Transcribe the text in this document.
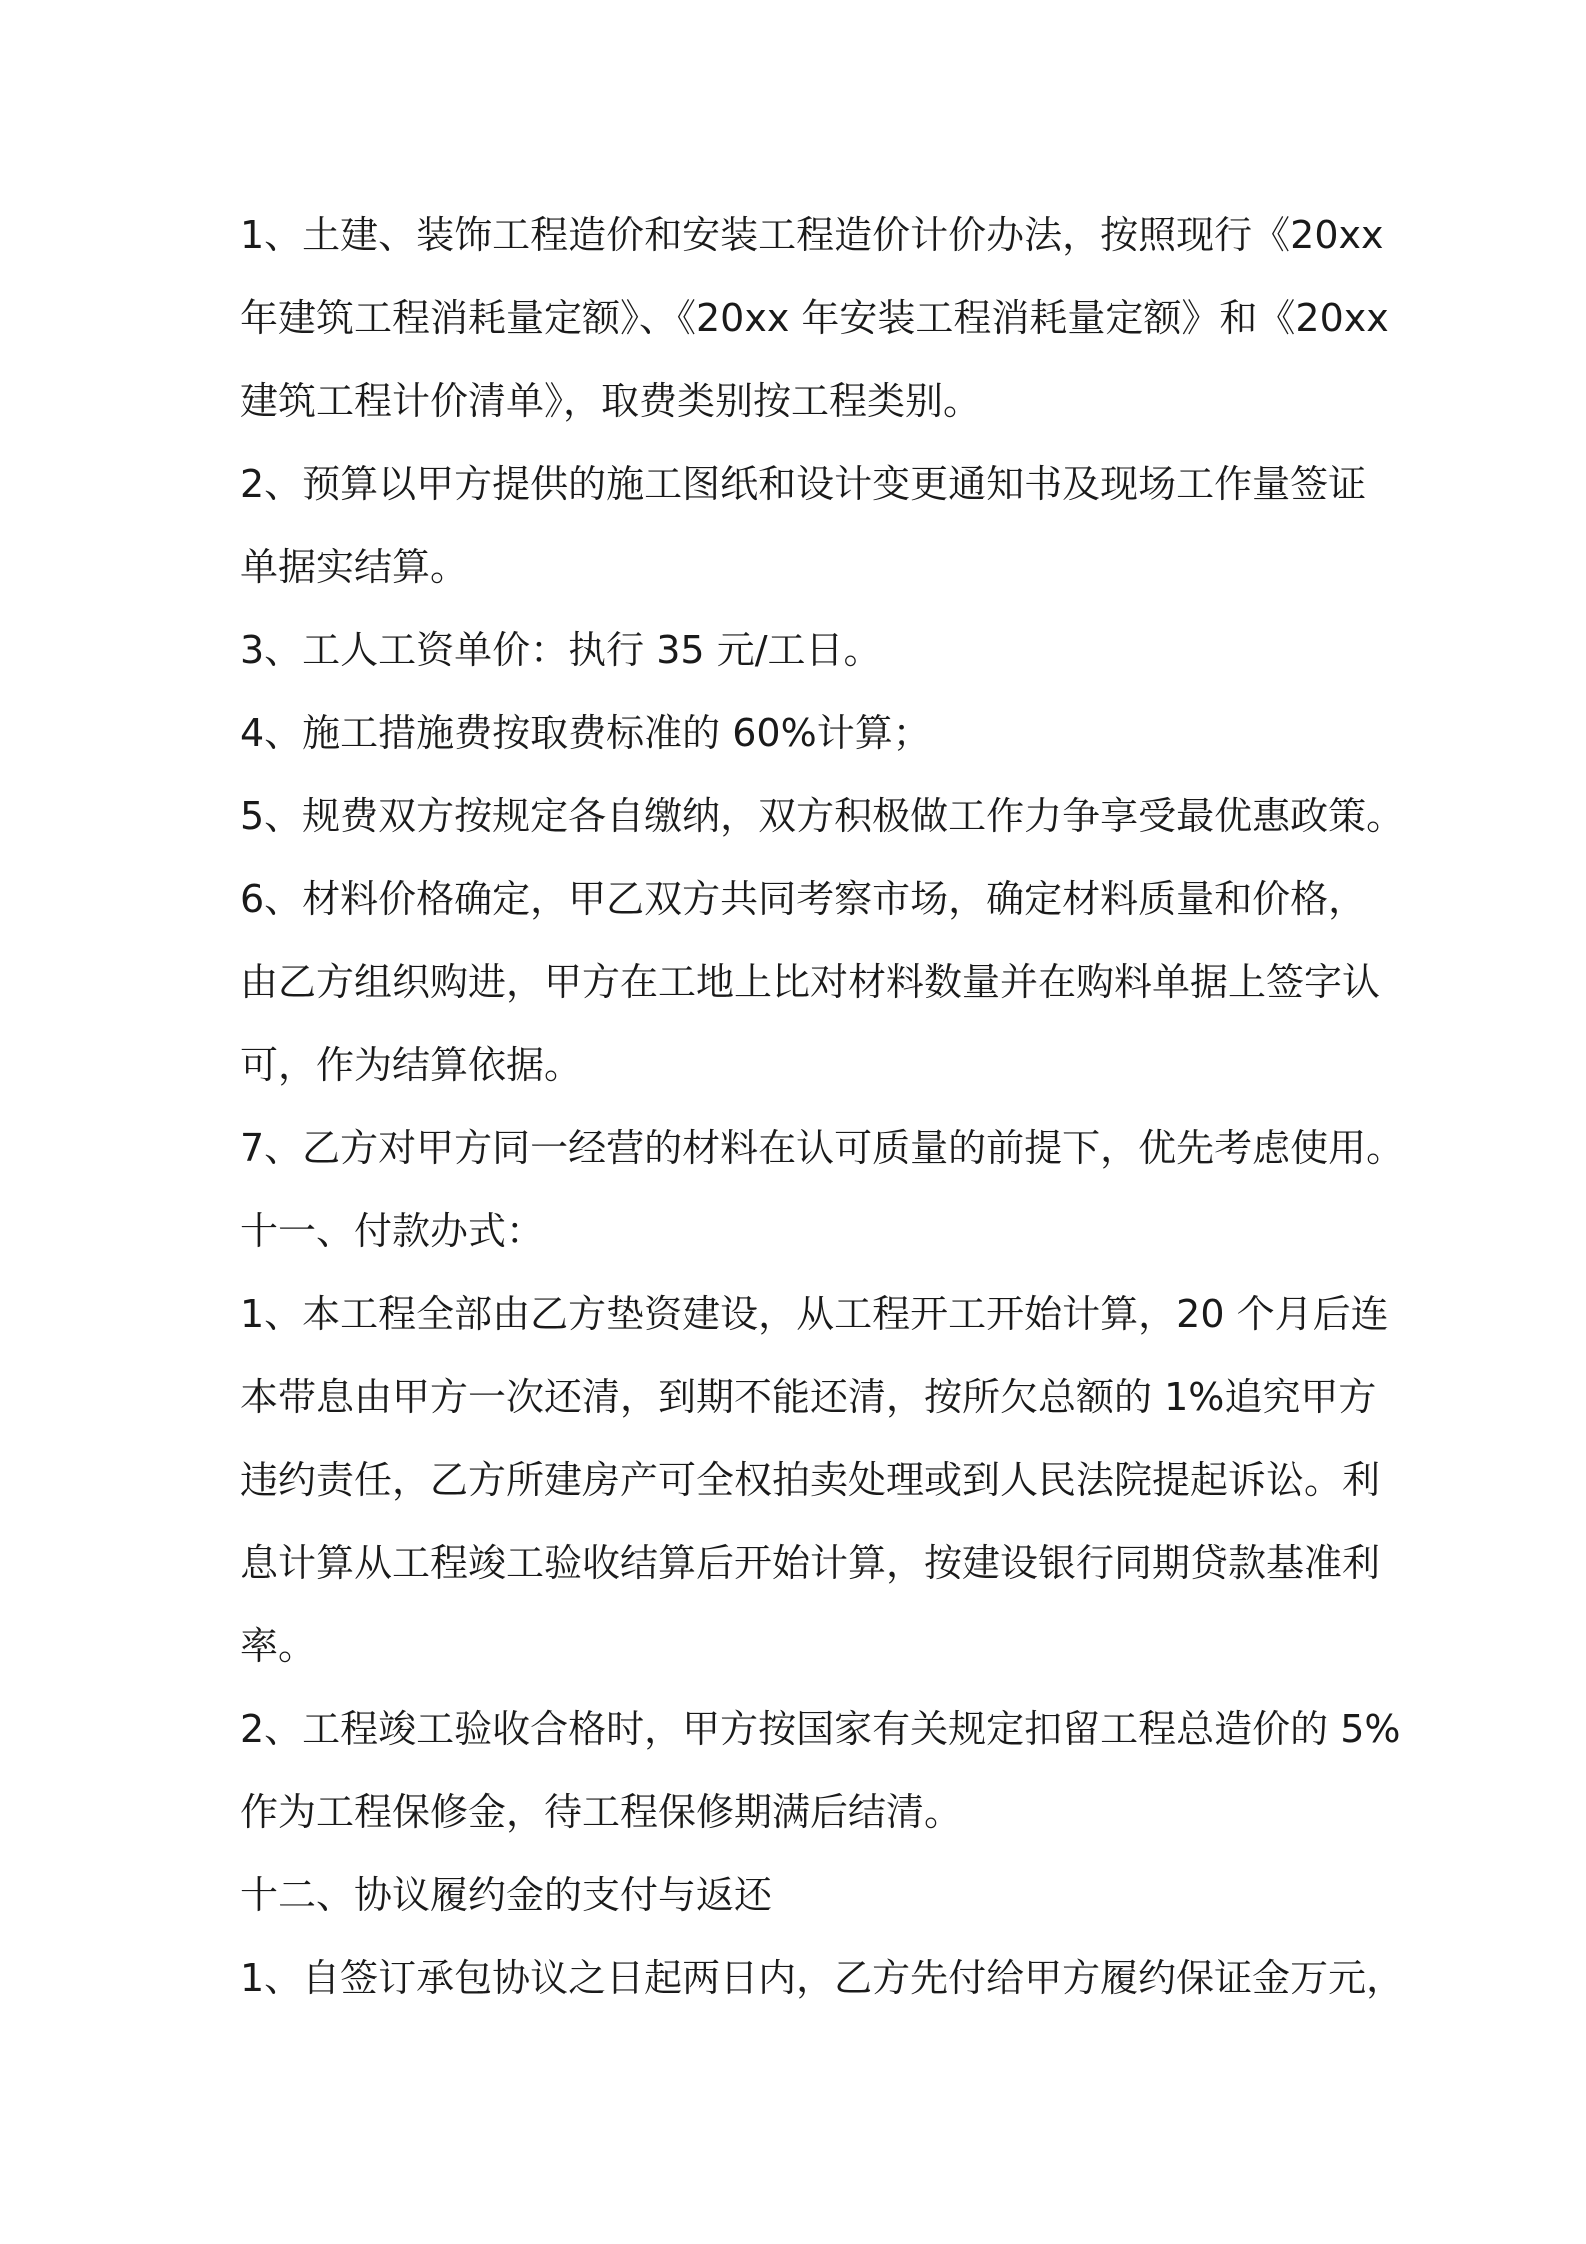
1、土建、装饰工程造价和安装工程造价计价办法，按照现行《20xx
年建筑工程消耗量定额》、《20xx 年安装工程消耗量定额》和《20xx
建筑工程计价清单》，取费类别按工程类别。

2、预算以甲方提供的施工图纸和设计变更通知书及现场工作量签证
单据实结算。

3、工人工资单价：执行 35 元/工日。

4、施工措施费按取费标准的 60%计算；

5、规费双方按规定各自缴纳，双方积极做工作力争享受最优惠政策。

6、材料价格确定，甲乙双方共同考察市场，确定材料质量和价格，
由乙方组织购进，甲方在工地上比对材料数量并在购料单据上签字认
可，作为结算依据。

7、乙方对甲方同一经营的材料在认可质量的前提下，优先考虑使用。

十一、付款办式：

1、本工程全部由乙方垫资建设，从工程开工开始计算，20 个月后连
本带息由甲方一次还清，到期不能还清，按所欠总额的 1%追究甲方
违约责任，乙方所建房产可全权拍卖处理或到人民法院提起诉讼。利
息计算从工程竣工验收结算后开始计算，按建设银行同期贷款基准利
率。

2、工程竣工验收合格时，甲方按国家有关规定扣留工程总造价的 5%
作为工程保修金，待工程保修期满后结清。

十二、协议履约金的支付与返还

1、自签订承包协议之日起两日内，乙方先付给甲方履约保证金万元，
